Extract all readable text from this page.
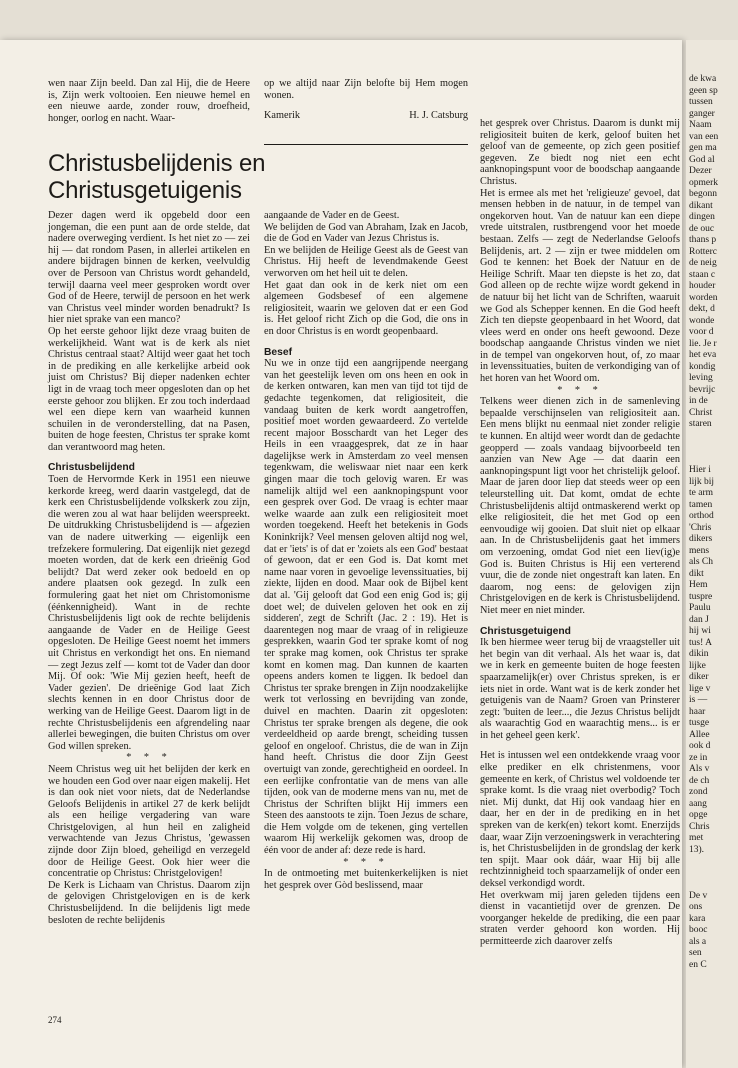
wen naar Zijn beeld. Dan zal Hij, die de Heere is, Zijn werk voltooien. Een nieuwe hemel en een nieuwe aarde, zonder rouw, droefheid, honger, oorlog en nacht. Waar-

op we altijd naar Zijn belofte bij Hem mogen wonen.

Kamerik	H. J. Catsburg
Christusbelijdenis en Christusgetuigenis

Dezer dagen werd ik opgebeld door een jongeman, die een punt aan de orde stelde, dat nadere overweging verdient. Is het niet zo — zei hij — dat rondom Pasen, in allerlei artikelen en andere bijdragen binnen de kerken, veelvuldig over de Persoon van Christus wordt gehandeld, terwijl daarna veel meer gesproken wordt over God of de Heere, terwijl de persoon en het werk van Christus veel minder worden benadrukt? Is hier niet sprake van een manco?

Op het eerste gehoor lijkt deze vraag buiten de werkelijkheid. Want wat is de kerk als niet Christus centraal staat? Altijd weer gaat het toch in de prediking en alle kerkelijke arbeid ook juist om Christus? Bij dieper nadenken echter ligt in de vraag toch meer opgesloten dan op het eerste gehoor zou blijken. Er zou toch inderdaad wel een diepe kern van waarheid kunnen schuilen in de veronderstelling, dat na Pasen, buiten de hoge feesten, Christus ter sprake komt dan verantwoord mag heten.

Christusbelijdend

Toen de Hervormde Kerk in 1951 een nieuwe kerkorde kreeg, werd daarin vastgelegd, dat de kerk een Christusbelijdende volkskerk zou zijn, die weren zou al wat haar belijden weerspreekt. De uitdrukking Christusbelijdend is — afgezien van de nadere uitwerking — eigenlijk een trefzekere formulering. Dat eigenlijk niet gezegd moeten worden, dat de kerk een drieënig God belijdt? Dat werd zeker ook bedoeld en op andere plaatsen ook gezegd. In zulk een formulering gaat het niet om Christomonisme (éénkennigheid). Want in de rechte Christusbelijdenis ligt ook de rechte belijdenis aangaande de Vader en de Heilige Geest opgesloten. De Heilige Geest noemt het immers uit Christus en verkondigt het ons. En niemand — zegt Jezus zelf — komt tot de Vader dan door Mij. Of ook: 'Wie Mij gezien heeft, heeft de Vader gezien'. De drieënige God laat Zich slechts kennen in en door Christus door de werking van de Heilige Geest. Daarom ligt in de rechte Christusbelijdenis een afgrendeling naar allerlei bewegingen, die buiten Christus om over God willen spreken.

* * *

Neem Christus weg uit het belijden der kerk en we houden een God over naar eigen makelij. Het is dan ook niet voor niets, dat de Nederlandse Geloofs Belijdenis in artikel 27 de kerk belijdt als een heilige vergadering van ware Christgelovigen, al hun heil en zaligheid verwachtende van Jezus Christus, 'gewassen zijnde door Zijn bloed, geheiligd en verzegeld door de Heilige Geest. Ook hier weer die concentratie op Christus: Christgelovigen!

De Kerk is Lichaam van Christus. Daarom zijn de gelovigen Christgelovigen en is de kerk Christusbelijdend. In die belijdenis ligt mede besloten de rechte belijdenis

aangaande de Vader en de Geest.

We belijden de God van Abraham, Izak en Jacob, die de God en Vader van Jezus Christus is.

En we belijden de Heilige Geest als de Geest van Christus. Hij heeft de levendmakende Geest verworven om het heil uit te delen.

Het gaat dan ook in de kerk niet om een algemeen Godsbesef of een algemene religiositeit, waarin we geloven dat er een God is. Het geloof richt Zich op die God, die ons in en door Christus is en wordt geopenbaard.

Besef

Nu we in onze tijd een aangrijpende neergang van het geestelijk leven om ons heen en ook in de kerken ontwaren, kan men van tijd tot tijd de gedachte tegenkomen, dat religiositeit, die vandaag buiten de kerk wordt aangetroffen, positief moet worden gewaardeerd. Zo vertelde recent majoor Bosschardt van het Leger des Heils in een vraaggesprek, dat ze in haar dagelijkse werk in Amsterdam zo veel mensen tegenkwam, die weliswaar niet naar een kerk gingen maar die toch gelovig waren. Er was namelijk altijd wel een aanknopingspunt voor een gesprek over God. De vraag is echter maar welke waarde aan zulk een religiositeit moet worden toegekend. Heeft het betekenis in Gods Koninkrijk? Veel mensen geloven altijd nog wel, dat er 'iets' is of dat er 'zoiets als een God' bestaat of gewoon, dat er een God is. Dat komt met name naar voren in gevoelige levenssituaties, bij ziekte, lijden en dood. Maar ook de Bijbel kent dat al. 'Gij gelooft dat God een enig God is; gij doet wel; de duivelen geloven het ook en zij sidderen', zegt de Schrift (Jac. 2 : 19). Het is daarentegen nog maar de vraag of in religieuze gesprekken, waarin God ter sprake komt of nog ter sprake mag komen, ook Christus ter sprake komt en komen mag. Dan kunnen de kaarten opeens anders komen te liggen. Ik bedoel dan Christus ter sprake brengen in Zijn noodzakelijke werk tot verlossing en bevrijding van zonde, duivel en machten. Daarin zit opgesloten: Christus ter sprake brengen als degene, die ook verdeeldheid op aarde brengt, scheiding tussen geloof en ongeloof. Christus, die de wan in Zijn hand heeft. Christus die door Zijn Geest overtuigt van zonde, gerechtigheid en oordeel. In een eerlijke confrontatie van de mens van alle tijden, ook van de moderne mens van nu, met de Christus der Schriften blijkt Hij immers een Steen des aanstoots te zijn. Toen Jezus de schare, die Hem volgde om de tekenen, ging vertellen waarom Hij werkelijk gekomen was, droop de één voor de ander af: deze rede is hard.

* * *

In de ontmoeting met buitenkerkelijken is niet het gesprek over Gòd beslissend, maar

het gesprek over Christus. Daarom is dunkt mij religiositeit buiten de kerk, geloof buiten het geloof van de gemeente, op zich geen positief gegeven. Ze biedt nog niet een echt aanknopingspunt voor de boodschap aangaande Christus.

Het is ermee als met het 'religieuze' gevoel, dat mensen hebben in de natuur, in de tempel van ongekorven hout. Van de natuur kan een diepe vrede uitstralen, rustbrengend voor het moede bestaan. Zelfs — zegt de Nederlandse Geloofs Belijdenis, art. 2 — zijn er twee middelen om God te kennen: het Boek der Natuur en de Heilige Schrift. Maar ten diepste is het zo, dat God alleen op de rechte wijze wordt gekend in de natuur bij het licht van de Schriften, waaruit we God als Schepper kennen. En die God heeft Zich ten diepste geopenbaard in het Woord, dat vlees werd en onder ons heeft gewoond. Deze boodschap aangaande Christus vinden we niet in de tempel van ongekorven hout, of, zo maar in levenssituaties, buiten de verkondiging van of het horen van het Woord om.

* * *

Telkens weer dienen zich in de samenleving bepaalde verschijnselen van religiositeit aan. Een mens blijkt nu eenmaal niet zonder religie te kunnen. En altijd weer wordt dan de gedachte geopperd — zoals vandaag bijvoorbeeld ten aanzien van New Age — dat daarin een aanknopingspunt ligt voor het christelijk geloof. Maar de jaren door liep dat steeds weer op een teleurstelling uit. Dat komt, omdat de echte Christusbelijdenis altijd ontmaskerend werkt op elke religiositeit, die het met God op een eenvoudige wij gooien. Dat sluit niet op elkaar aan. In de Christusbelijdenis gaat het immers om verzoening, omdat God niet een liev(ig)e God is. Buiten Christus is Hij een verterend vuur, die de zonde niet ongestraft kan laten. En daarom, nog eens: de gelovigen zijn Christgelovigen en de kerk is Christusbelijdend. Niet meer en niet minder.

Christusgetuigend

Ik ben hiermee weer terug bij de vraagsteller uit het begin van dit verhaal. Als het waar is, dat we in kerk en gemeente buiten de hoge feesten spaarzamelijk(er) over Christus spreken, is er iets niet in orde. Want wat is de kerk zonder het getuigenis van de Naam? Groen van Prinsterer zegt: 'buiten de leer..., die Jezus Christus belijdt als waarachtig God en waarachtig mens... is er in het geheel geen kerk'.

Het is intussen wel een ontdekkende vraag voor elke prediker en elk christenmens, voor gemeente en kerk, of Christus wel voldoende ter sprake komt. Is die vraag niet overbodig? Toch niet. Mij dunkt, dat Hij ook vandaag hier en daar, her en der in de prediking en in het spreken van de kerk(en) tekort komt. Enerzijds daar, waar Zijn verzoeningswerk in verachtering is, het Christusbelijden in de grondslag der kerk ten spijt. Maar ook dáár, waar Hij bij alle rechtzinnigheid toch spaarzamelijk of onder een deksel verkondigd wordt.

Het overkwam mij jaren geleden tijdens een dienst in vacantietijd over de grenzen. De voorganger hekelde de prediking, die een paar straten verder gehoord kon worden. Hij permitteerde zich daarover zelfs

274
de kwa
geen sp
tussen
ganger
Naam
van een
gen ma
God al
Dezer
opmerk
begonn
dikant
dingen
de ouc
thans p
Rotterc
de neig
staan c
houder
worden
dekt, d
wonde
voor d
lie. Je r
het eva
kondig
leving
bevrijc
in de
Christ
staren

Hier i
lijk bij
te arm
tamen
orthod
'Chris
dikers
mens
als Ch
dikt
Hem
tuspre
Paulu
dan J
hij wi
tus! A
dikin
lijke
diker
lige v
is —
haar
tusge
Allee
ook d
ze in
Als v
de ch
zond
aang
opge
Chris
met
13).

De v
ons
kara
booc
als a
sen
en C
